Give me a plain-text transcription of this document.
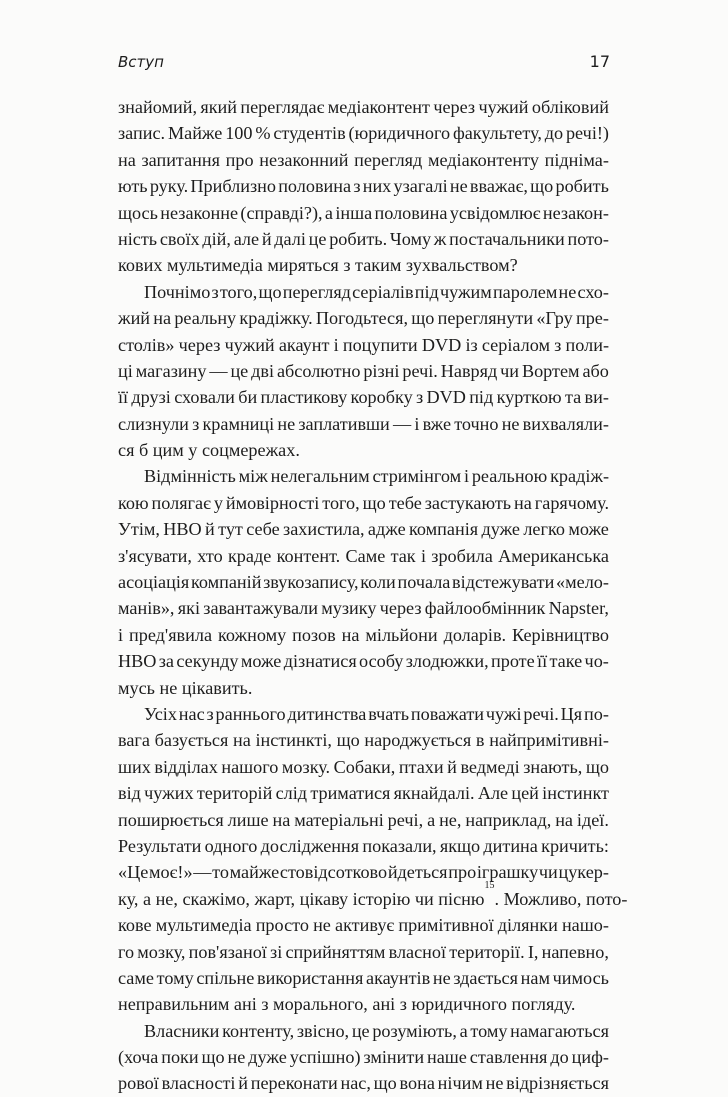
Вступ	17
знайомий, який переглядає медіаконтент через чужий обліковий
запис. Майже 100 % студентів (юридичного факультету, до речі!)
на запитання про незаконний перегляд медіаконтенту підніма-
ють руку. Приблизно половина з них узагалі не вважає, що робить
щось незаконне (справді?), а інша половина усвідомлює незакон-
ність своїх дій, але й далі це робить. Чому ж постачальники пото-
кових мультимедіа миряться з таким зухвальством?
Почнімо з того, що перегляд серіалів під чужим паролем не схо-
жий на реальну крадіжку. Погодьтеся, що переглянути «Гру пре-
столів» через чужий акаунт і поцупити DVD із серіалом з поли-
ці магазину — це дві абсолютно різні речі. Навряд чи Вортем або
її друзі сховали би пластикову коробку з DVD під курткою та ви-
слизнули з крамниці не заплативши — і вже точно не вихваляли-
ся б цим у соцмережах.
Відмінність між нелегальним стримінгом і реальною крадіж-
кою полягає у ймовірності того, що тебе застукають на гарячому.
Утім, HBO й тут себе захистила, адже компанія дуже легко може
з'ясувати, хто краде контент. Саме так і зробила Американська
асоціація компаній звукозапису, коли почала відстежувати «мело-
манів», які завантажували музику через файлообмінник Napster,
і пред'явила кожному позов на мільйони доларів. Керівництво
HBO за секунду може дізнатися особу злодюжки, проте її таке чо-
мусь не цікавить.
Усіх нас з раннього дитинства вчать поважати чужі речі. Ця по-
вага базується на інстинкті, що народжується в найпримітивні-
ших відділах нашого мозку. Собаки, птахи й ведмеді знають, що
від чужих територій слід триматися якнайдалі. Але цей інстинкт
поширюється лише на матеріальні речі, а не, наприклад, на ідеї.
Результати одного дослідження показали, якщо дитина кричить:
«Це моє!» — то майже стовідсотково йдеться про іграшку чи цукер-
ку, а не, скажімо, жарт, цікаву історію чи пісню
15
. Можливо, пото-
кове мультимедіа просто не активує примітивної ділянки нашо-
го мозку, пов'язаної зі сприйняттям власної території. І, напевно,
саме тому спільне використання акаунтів не здається нам чимось
неправильним ані з морального, ані з юридичного погляду.
Власники контенту, звісно, це розуміють, а тому намагаються
(хоча поки що не дуже успішно) змінити наше ставлення до циф-
рової власності й переконати нас, що вона нічим не відрізняється
